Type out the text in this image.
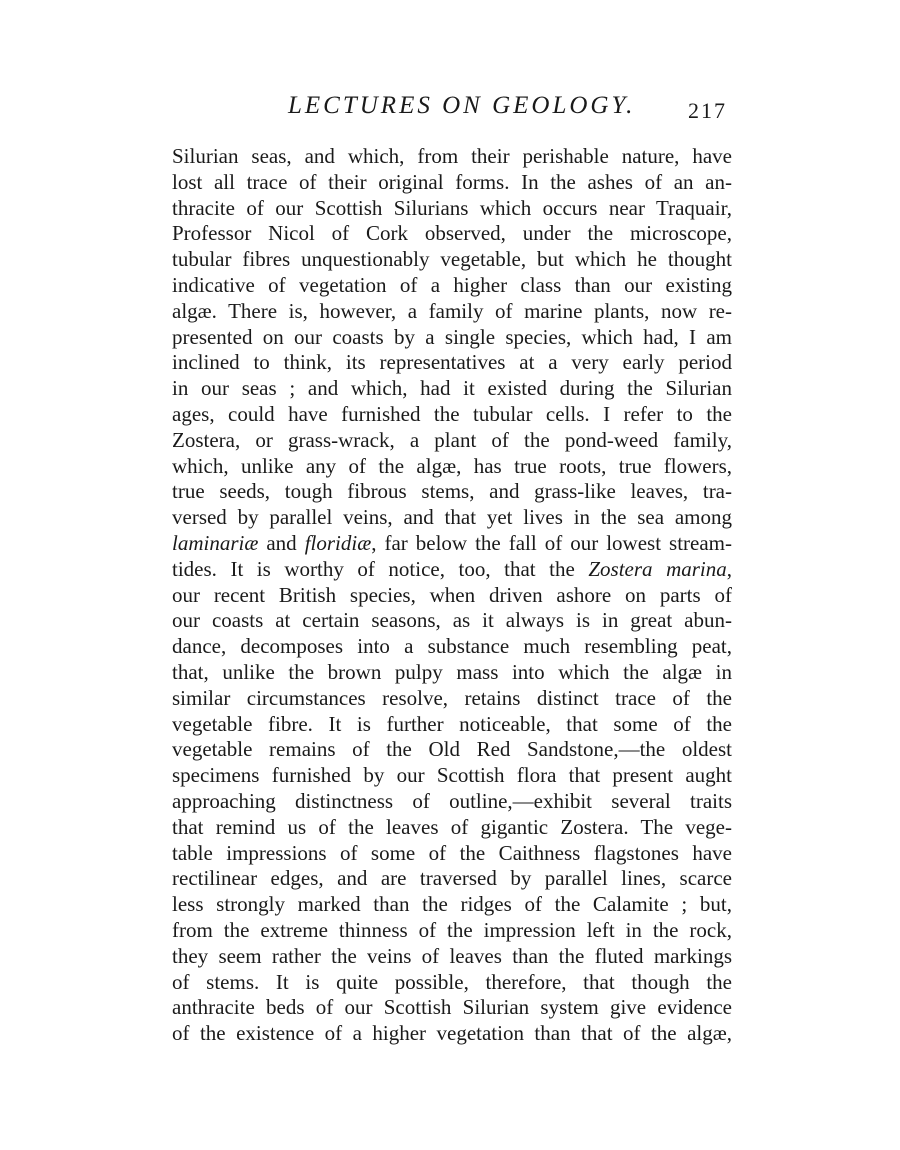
LECTURES ON GEOLOGY. 217
Silurian seas, and which, from their perishable nature, have
lost all trace of their original forms. In the ashes of an an-
thracite of our Scottish Silurians which occurs near Traquair,
Professor Nicol of Cork observed, under the microscope,
tubular fibres unquestionably vegetable, but which he thought
indicative of vegetation of a higher class than our existing
algæ. There is, however, a family of marine plants, now re-
presented on our coasts by a single species, which had, I am
inclined to think, its representatives at a very early period
in our seas ; and which, had it existed during the Silurian
ages, could have furnished the tubular cells. I refer to the
Zostera, or grass-wrack, a plant of the pond-weed family,
which, unlike any of the algæ, has true roots, true flowers,
true seeds, tough fibrous stems, and grass-like leaves, tra-
versed by parallel veins, and that yet lives in the sea among
laminariæ and floridiæ, far below the fall of our lowest stream-
tides. It is worthy of notice, too, that the Zostera marina,
our recent British species, when driven ashore on parts of
our coasts at certain seasons, as it always is in great abun-
dance, decomposes into a substance much resembling peat,
that, unlike the brown pulpy mass into which the algæ in
similar circumstances resolve, retains distinct trace of the
vegetable fibre. It is further noticeable, that some of the
vegetable remains of the Old Red Sandstone,—the oldest
specimens furnished by our Scottish flora that present aught
approaching distinctness of outline,—exhibit several traits
that remind us of the leaves of gigantic Zostera. The vege-
table impressions of some of the Caithness flagstones have
rectilinear edges, and are traversed by parallel lines, scarce
less strongly marked than the ridges of the Calamite ; but,
from the extreme thinness of the impression left in the rock,
they seem rather the veins of leaves than the fluted markings
of stems. It is quite possible, therefore, that though the
anthracite beds of our Scottish Silurian system give evidence
of the existence of a higher vegetation than that of the algæ,
